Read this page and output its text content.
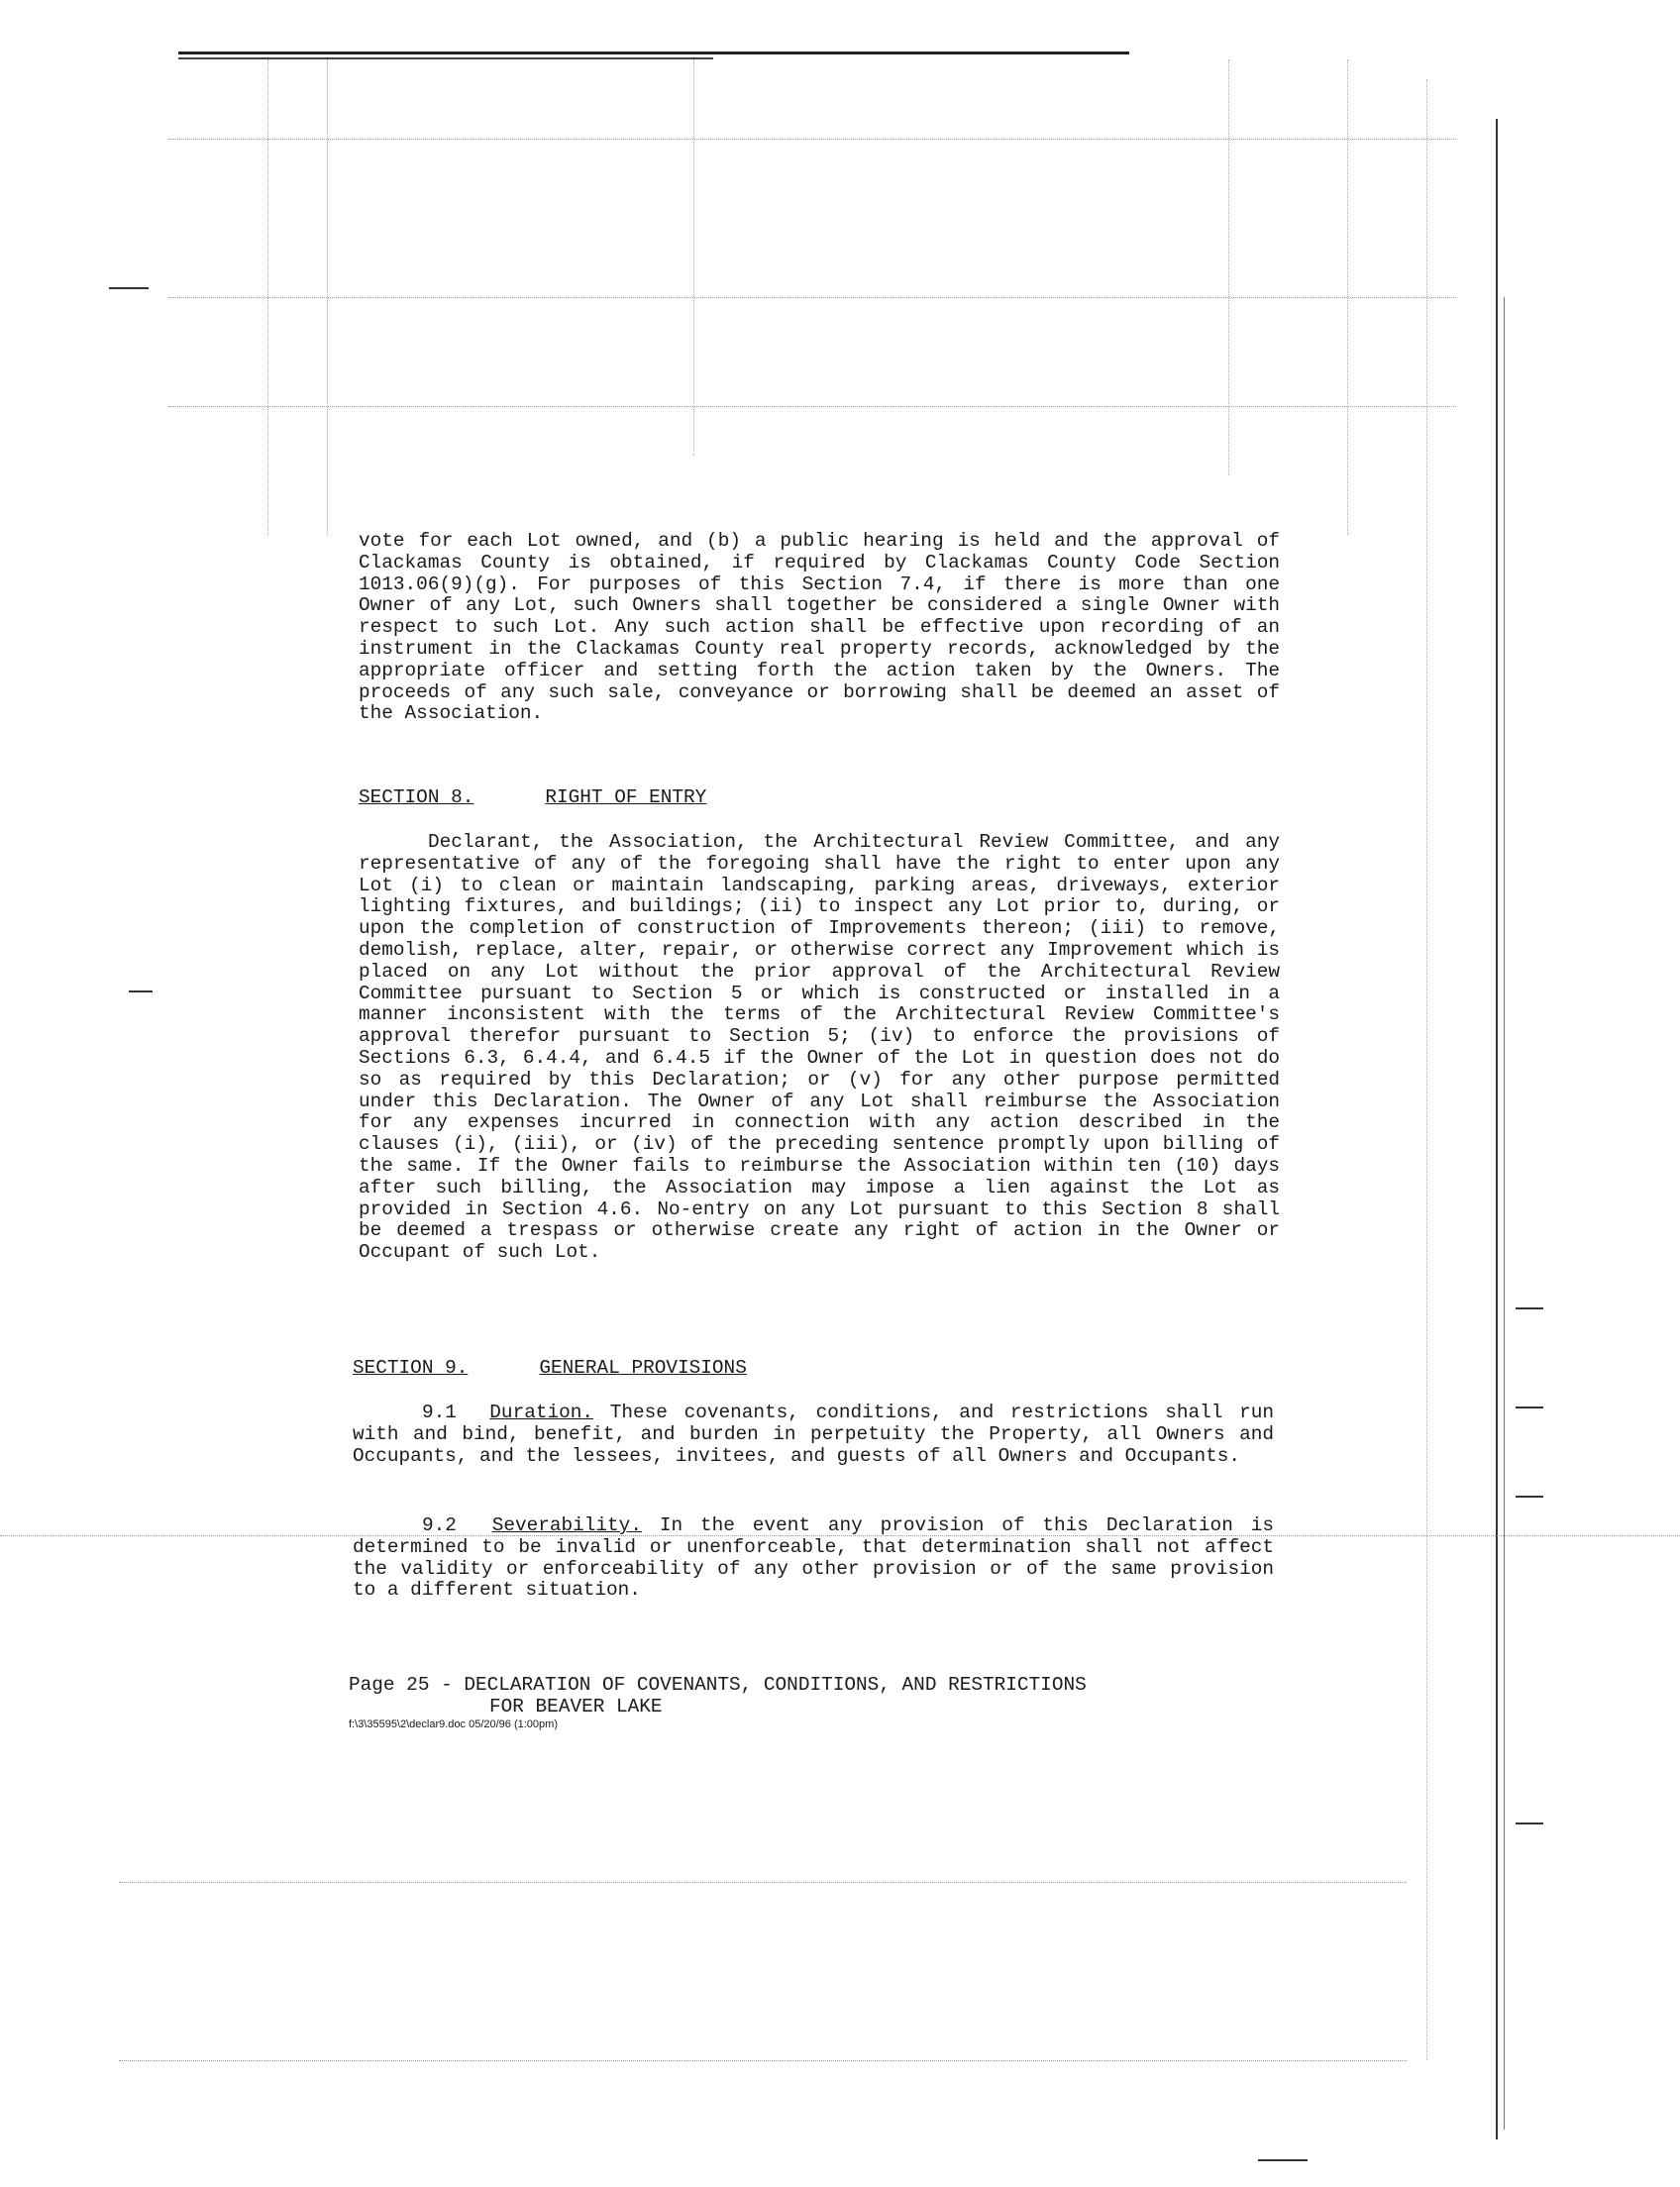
vote for each Lot owned, and (b) a public hearing is held and the approval of Clackamas County is obtained, if required by Clackamas County Code Section 1013.06(9)(g). For purposes of this Section 7.4, if there is more than one Owner of any Lot, such Owners shall together be considered a single Owner with respect to such Lot. Any such action shall be effective upon recording of an instrument in the Clackamas County real property records, acknowledged by the appropriate officer and setting forth the action taken by the Owners. The proceeds of any such sale, conveyance or borrowing shall be deemed an asset of the Association.

SECTION 8.	RIGHT OF ENTRY

Declarant, the Association, the Architectural Review Committee, and any representative of any of the foregoing shall have the right to enter upon any Lot (i) to clean or maintain landscaping, parking areas, driveways, exterior lighting fixtures, and buildings; (ii) to inspect any Lot prior to, during, or upon the completion of construction of Improvements thereon; (iii) to remove, demolish, replace, alter, repair, or otherwise correct any Improvement which is placed on any Lot without the prior approval of the Architectural Review Committee pursuant to Section 5 or which is constructed or installed in a manner inconsistent with the terms of the Architectural Review Committee's approval therefor pursuant to Section 5; (iv) to enforce the provisions of Sections 6.3, 6.4.4, and 6.4.5 if the Owner of the Lot in question does not do so as required by this Declaration; or (v) for any other purpose permitted under this Declaration. The Owner of any Lot shall reimburse the Association for any expenses incurred in connection with any action described in the clauses (i), (iii), or (iv) of the preceding sentence promptly upon billing of the same. If the Owner fails to reimburse the Association within ten (10) days after such billing, the Association may impose a lien against the Lot as provided in Section 4.6. No-entry on any Lot pursuant to this Section 8 shall be deemed a trespass or otherwise create any right of action in the Owner or Occupant of such Lot.

SECTION 9.	GENERAL PROVISIONS

9.1 Duration. These covenants, conditions, and restrictions shall run with and bind, benefit, and burden in perpetuity the Property, all Owners and Occupants, and the lessees, invitees, and guests of all Owners and Occupants.

9.2 Severability. In the event any provision of this Declaration is determined to be invalid or unenforceable, that determination shall not affect the validity or enforceability of any other provision or of the same provision to a different situation.

Page 25 - DECLARATION OF COVENANTS, CONDITIONS, AND RESTRICTIONS
FOR BEAVER LAKE
f:\3\35595\2\declar9.doc 05/20/96 (1:00pm)
